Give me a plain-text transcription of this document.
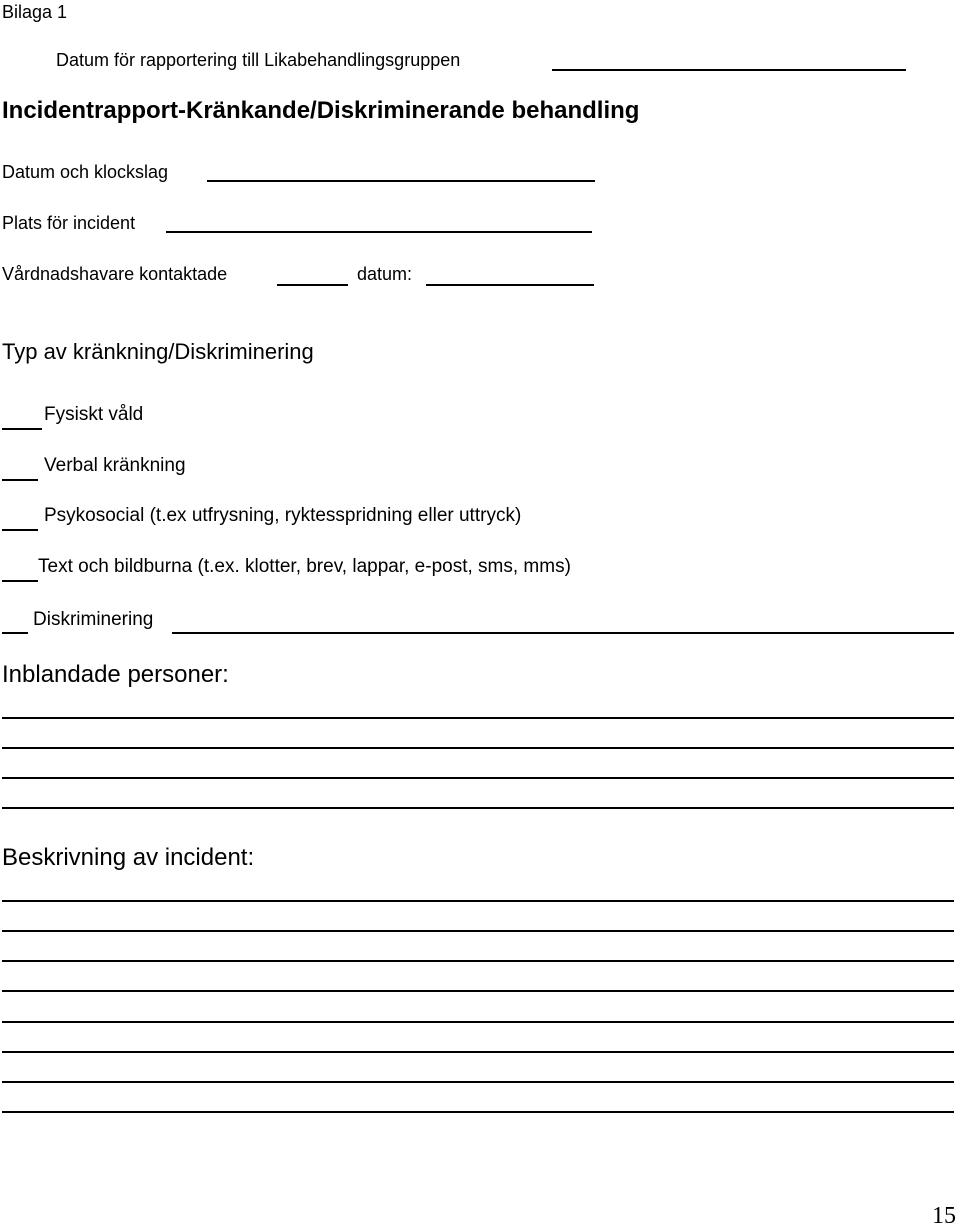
Bilaga 1
Datum för rapportering till Likabehandlingsgruppen
Incidentrapport-Kränkande/Diskriminerande behandling
Datum och klockslag
Plats för incident
Vårdnadshavare kontaktade	datum:
Typ av kränkning/Diskriminering
Fysiskt våld
Verbal kränkning
Psykosocial (t.ex utfrysning, ryktesspridning eller uttryck)
Text och bildburna (t.ex. klotter, brev, lappar, e-post, sms, mms)
Diskriminering
Inblandade personer:
Beskrivning av incident:
15
